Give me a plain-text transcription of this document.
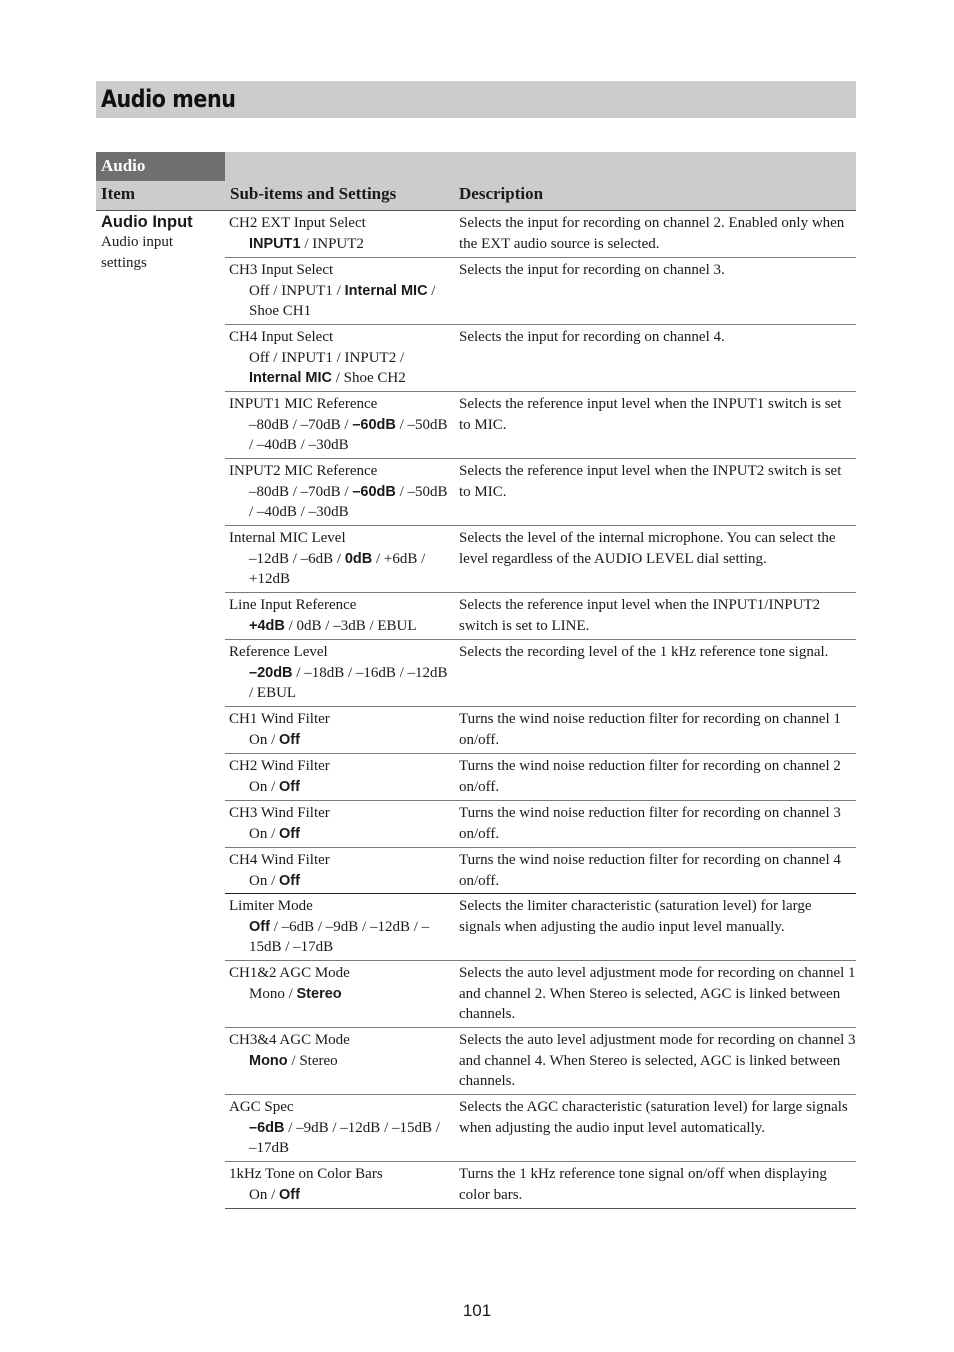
Audio menu
Audio
Item	Sub-items and Settings	Description
Audio Input
Audio input settings
CH2 EXT Input Select
INPUT1 / INPUT2
Selects the input for recording on channel 2. Enabled only when the EXT audio source is selected.
CH3 Input Select
Off / INPUT1 / Internal MIC / Shoe CH1
Selects the input for recording on channel 3.
CH4 Input Select
Off / INPUT1 / INPUT2 / Internal MIC / Shoe CH2
Selects the input for recording on channel 4.
INPUT1 MIC Reference
–80dB / –70dB / –60dB / –50dB / –40dB / –30dB
Selects the reference input level when the INPUT1 switch is set to MIC.
INPUT2 MIC Reference
–80dB / –70dB / –60dB / –50dB / –40dB / –30dB
Selects the reference input level when the INPUT2 switch is set to MIC.
Internal MIC Level
–12dB / –6dB / 0dB / +6dB / +12dB
Selects the level of the internal microphone. You can select the level regardless of the AUDIO LEVEL dial setting.
Line Input Reference
+4dB / 0dB / –3dB / EBUL
Selects the reference input level when the INPUT1/INPUT2 switch is set to LINE.
Reference Level
–20dB / –18dB / –16dB / –12dB / EBUL
Selects the recording level of the 1 kHz reference tone signal.
CH1 Wind Filter
On / Off
Turns the wind noise reduction filter for recording on channel 1 on/off.
CH2 Wind Filter
On / Off
Turns the wind noise reduction filter for recording on channel 2 on/off.
CH3 Wind Filter
On / Off
Turns the wind noise reduction filter for recording on channel 3 on/off.
CH4 Wind Filter
On / Off
Turns the wind noise reduction filter for recording on channel 4 on/off.
Limiter Mode
Off / –6dB / –9dB / –12dB / –15dB / –17dB
Selects the limiter characteristic (saturation level) for large signals when adjusting the audio input level manually.
CH1&2 AGC Mode
Mono / Stereo
Selects the auto level adjustment mode for recording on channel 1 and channel 2. When Stereo is selected, AGC is linked between channels.
CH3&4 AGC Mode
Mono / Stereo
Selects the auto level adjustment mode for recording on channel 3 and channel 4. When Stereo is selected, AGC is linked between channels.
AGC Spec
–6dB / –9dB / –12dB / –15dB / –17dB
Selects the AGC characteristic (saturation level) for large signals when adjusting the audio input level automatically.
1kHz Tone on Color Bars
On / Off
Turns the 1 kHz reference tone signal on/off when displaying color bars.
101
